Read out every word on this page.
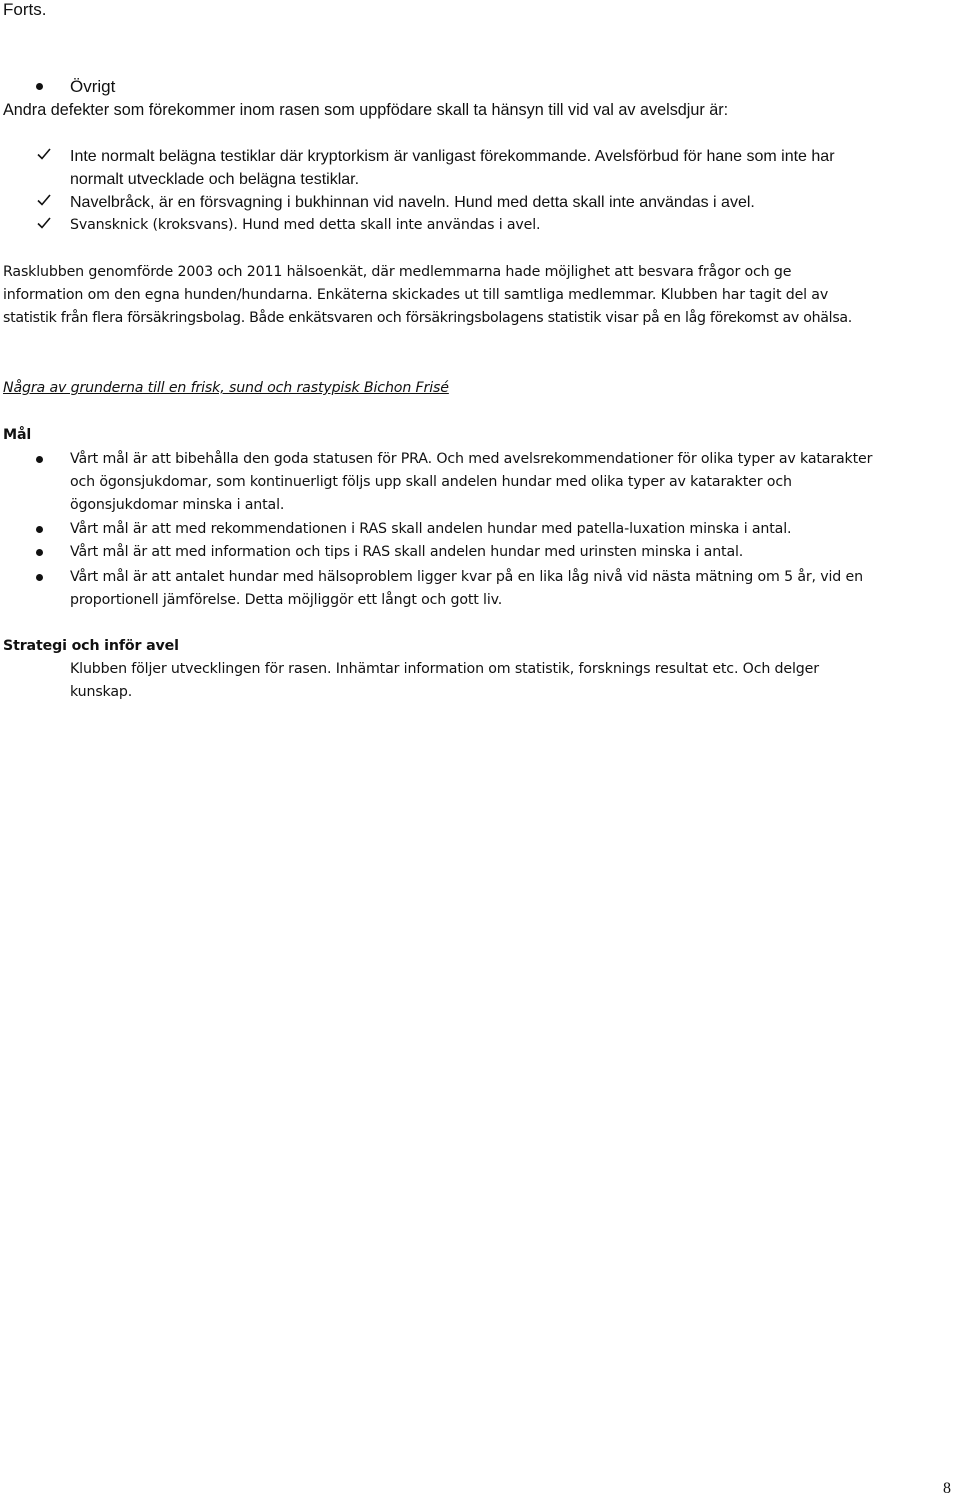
Forts.
Övrigt
Andra defekter som förekommer inom rasen som uppfödare skall ta hänsyn till vid val av avelsdjur är:
Inte normalt belägna testiklar där kryptorkism är vanligast förekommande. Avelsförbud för hane som inte har
normalt utvecklade och belägna testiklar.
Navelbråck, är en försvagning i bukhinnan vid naveln. Hund med detta skall inte användas i avel.
Svansknick (kroksvans). Hund med detta skall inte användas i avel.
Rasklubben genomförde 2003 och 2011 hälsoenkät, där medlemmarna hade möjlighet att besvara frågor och ge
information om den egna hunden/hundarna. Enkäterna skickades ut till samtliga medlemmar. Klubben har tagit del av
statistik från flera försäkringsbolag. Både enkätsvaren och försäkringsbolagens statistik visar på en låg förekomst av ohälsa.
Några av grunderna till en frisk, sund och rastypisk Bichon Frisé
Mål
Vårt mål är att bibehålla den goda statusen för PRA. Och med avelsrekommendationer för olika typer av katarakter
och ögonsjukdomar, som kontinuerligt följs upp skall andelen hundar med olika typer av katarakter och
ögonsjukdomar minska i antal.
Vårt mål är att med rekommendationen i RAS skall andelen hundar med patella-luxation minska i antal.
Vårt mål är att med information och tips i RAS skall andelen hundar med urinsten minska i antal.
Vårt mål är att antalet hundar med hälsoproblem ligger kvar på en lika låg nivå vid nästa mätning om 5 år, vid en
proportionell jämförelse. Detta möjliggör ett långt och gott liv.
Strategi och inför avel
Klubben följer utvecklingen för rasen. Inhämtar information om statistik, forsknings resultat etc. Och delger
kunskap.
8
